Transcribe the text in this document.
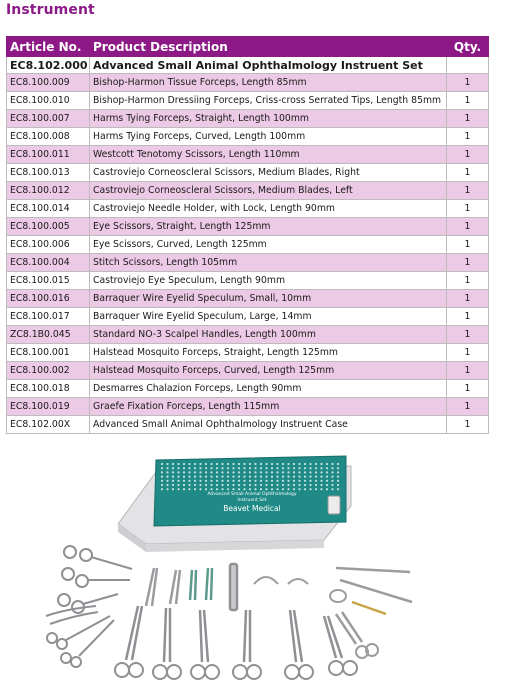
Instrument
Article No.	Product Description	Qty.
EC8.102.000	Advanced Small Animal Ophthalmology Instruent Set	
EC8.100.009	Bishop-Harmon Tissue Forceps, Length 85mm	1
EC8.100.010	Bishop-Harmon Dressiing Forceps, Criss-cross Serrated Tips, Length 85mm	1
EC8.100.007	Harms Tying Forceps, Straight, Length 100mm	1
EC8.100.008	Harms Tying Forceps, Curved, Length 100mm	1
EC8.100.011	Westcott Tenotomy Scissors, Length 110mm	1
EC8.100.013	Castroviejo Corneoscleral Scissors, Medium Blades, Right	1
EC8.100.012	Castroviejo Corneoscleral Scissors, Medium Blades, Left	1
EC8.100.014	Castroviejo Needle Holder, with Lock, Length 90mm	1
EC8.100.005	Eye Scissors, Straight, Length 125mm	1
EC8.100.006	Eye Scissors, Curved, Length 125mm	1
EC8.100.004	Stitch Scissors, Length 105mm	1
EC8.100.015	Castroviejo Eye Speculum, Length 90mm	1
EC8.100.016	Barraquer Wire Eyelid Speculum, Small, 10mm	1
EC8.100.017	Barraquer Wire Eyelid Speculum, Large, 14mm	1
ZC8.1B0.045	Standard NO-3 Scalpel Handles, Length 100mm	1
EC8.100.001	Halstead Mosquito Forceps, Straight, Length 125mm	1
EC8.100.002	Halstead Mosquito Forceps, Curved, Length 125mm	1
EC8.100.018	Desmarres Chalazion Forceps, Length 90mm	1
EC8.100.019	Graefe Fixation Forceps, Length 115mm	1
EC8.102.00X	Advanced Small Animal Ophthalmology Instruent Case	1
Advanced Small Animal Ophthalmology
Instruent Set
Beavet Medical
